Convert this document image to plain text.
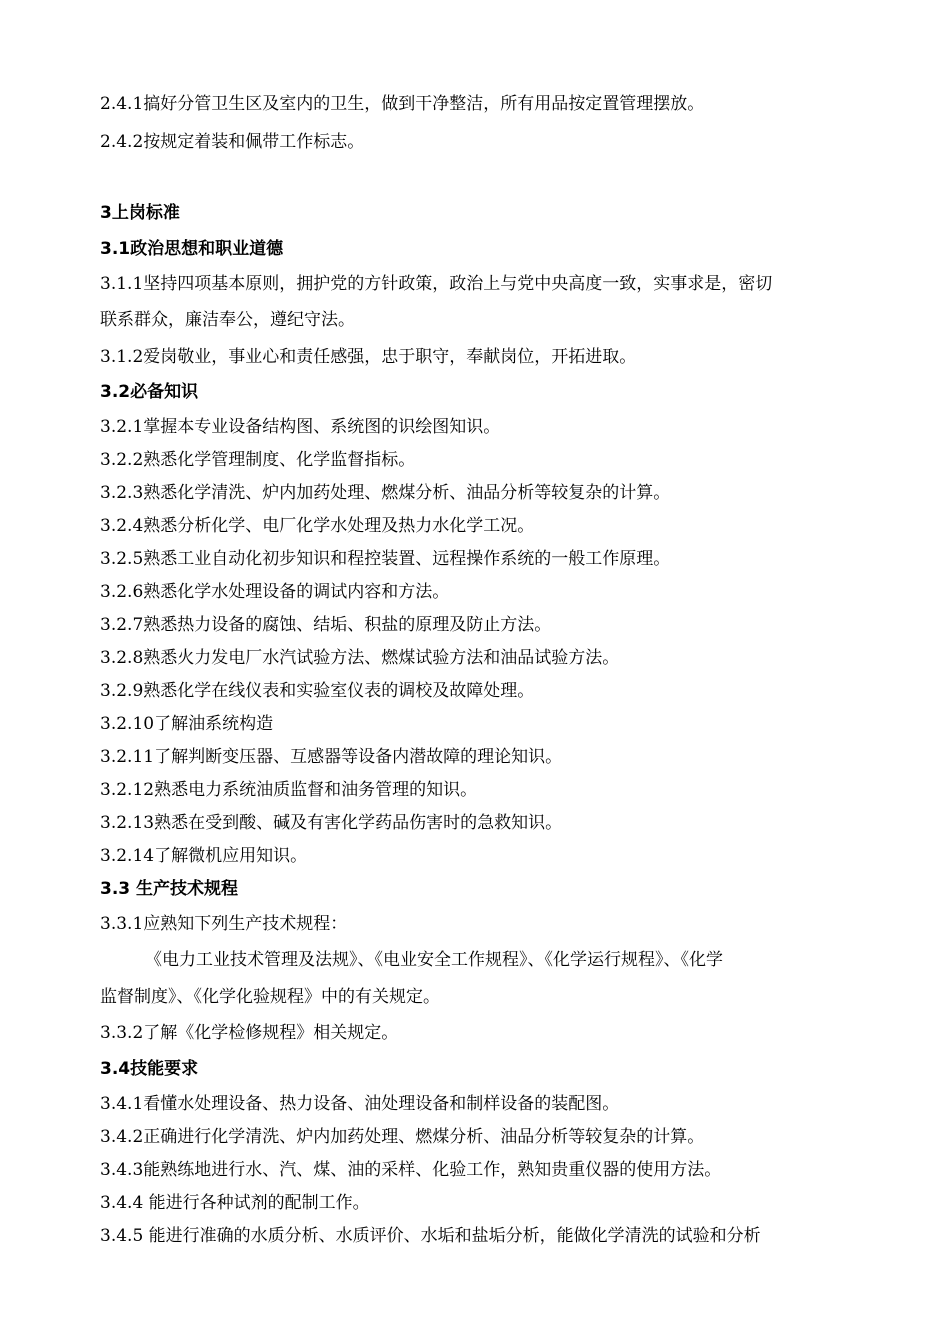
2.4.1搞好分管卫生区及室内的卫生，做到干净整洁，所有用品按定置管理摆放。
2.4.2按规定着装和佩带工作标志。
3上岗标准
3.1政治思想和职业道德
3.1.1坚持四项基本原则，拥护党的方针政策，政治上与党中央高度一致，实事求是，密切
联系群众，廉洁奉公，遵纪守法。
3.1.2爱岗敬业，事业心和责任感强，忠于职守，奉献岗位，开拓进取。
3.2必备知识
3.2.1掌握本专业设备结构图、系统图的识绘图知识。
3.2.2熟悉化学管理制度、化学监督指标。
3.2.3熟悉化学清洗、炉内加药处理、燃煤分析、油品分析等较复杂的计算。
3.2.4熟悉分析化学、电厂化学水处理及热力水化学工况。
3.2.5熟悉工业自动化初步知识和程控装置、远程操作系统的一般工作原理。
3.2.6熟悉化学水处理设备的调试内容和方法。
3.2.7熟悉热力设备的腐蚀、结垢、积盐的原理及防止方法。
3.2.8熟悉火力发电厂水汽试验方法、燃煤试验方法和油品试验方法。
3.2.9熟悉化学在线仪表和实验室仪表的调校及故障处理。
3.2.10了解油系统构造
3.2.11了解判断变压器、互感器等设备内潜故障的理论知识。
3.2.12熟悉电力系统油质监督和油务管理的知识。
3.2.13熟悉在受到酸、碱及有害化学药品伤害时的急救知识。
3.2.14了解微机应用知识。
3.3 生产技术规程
3.3.1应熟知下列生产技术规程：
《电力工业技术管理及法规》、《电业安全工作规程》、《化学运行规程》、《化学
监督制度》、《化学化验规程》中的有关规定。
3.3.2了解《化学检修规程》相关规定。
3.4技能要求
3.4.1看懂水处理设备、热力设备、油处理设备和制样设备的装配图。
3.4.2正确进行化学清洗、炉内加药处理、燃煤分析、油品分析等较复杂的计算。
3.4.3能熟练地进行水、汽、煤、油的采样、化验工作，熟知贵重仪器的使用方法。
3.4.4 能进行各种试剂的配制工作。
3.4.5 能进行准确的水质分析、水质评价、水垢和盐垢分析，能做化学清洗的试验和分析
